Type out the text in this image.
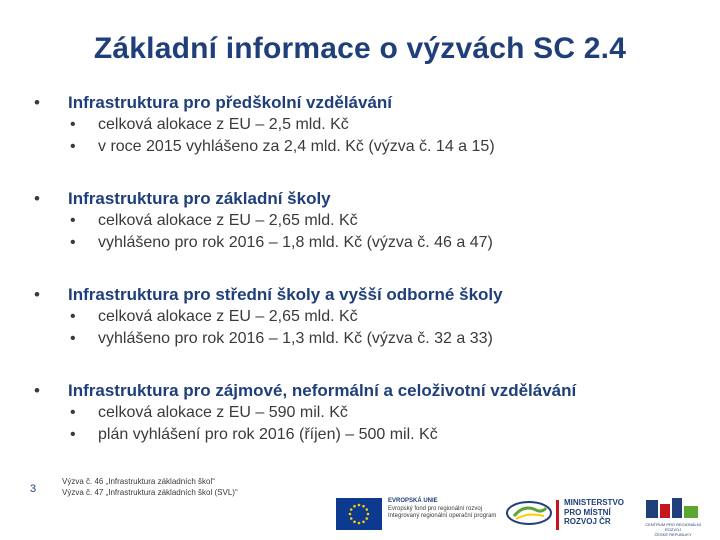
Základní informace o výzvách SC 2.4
• Infrastruktura pro předškolní vzdělávání
• celková alokace z EU – 2,5 mld. Kč
• v roce 2015 vyhlášeno za 2,4 mld. Kč (výzva č. 14 a 15)
• Infrastruktura pro základní školy
• celková alokace z EU – 2,65 mld. Kč
• vyhlášeno pro rok 2016 – 1,8 mld. Kč (výzva č. 46 a 47)
• Infrastruktura pro střední školy a vyšší odborné školy
• celková alokace z EU – 2,65 mld. Kč
• vyhlášeno pro rok 2016 – 1,3 mld. Kč (výzva č. 32 a 33)
• Infrastruktura pro zájmové, neformální a celoživotní vzdělávání
• celková alokace z EU – 590 mil. Kč
• plán vyhlášení pro rok 2016 (říjen) – 500 mil. Kč
3
Výzva č. 46 „Infrastruktura základních škol“
Výzva č. 47 „Infrastruktura základních škol (SVL)“
EVROPSKÁ UNIE
Evropský fond pro regionální rozvoj
Integrovaný regionální operační program
MINISTERSTVO
PRO MÍSTNÍ
ROZVOJ ČR	CENTRUM PRO REGIONÁLNÍ ROZVOJ
ČESKÉ REPUBLIKY
